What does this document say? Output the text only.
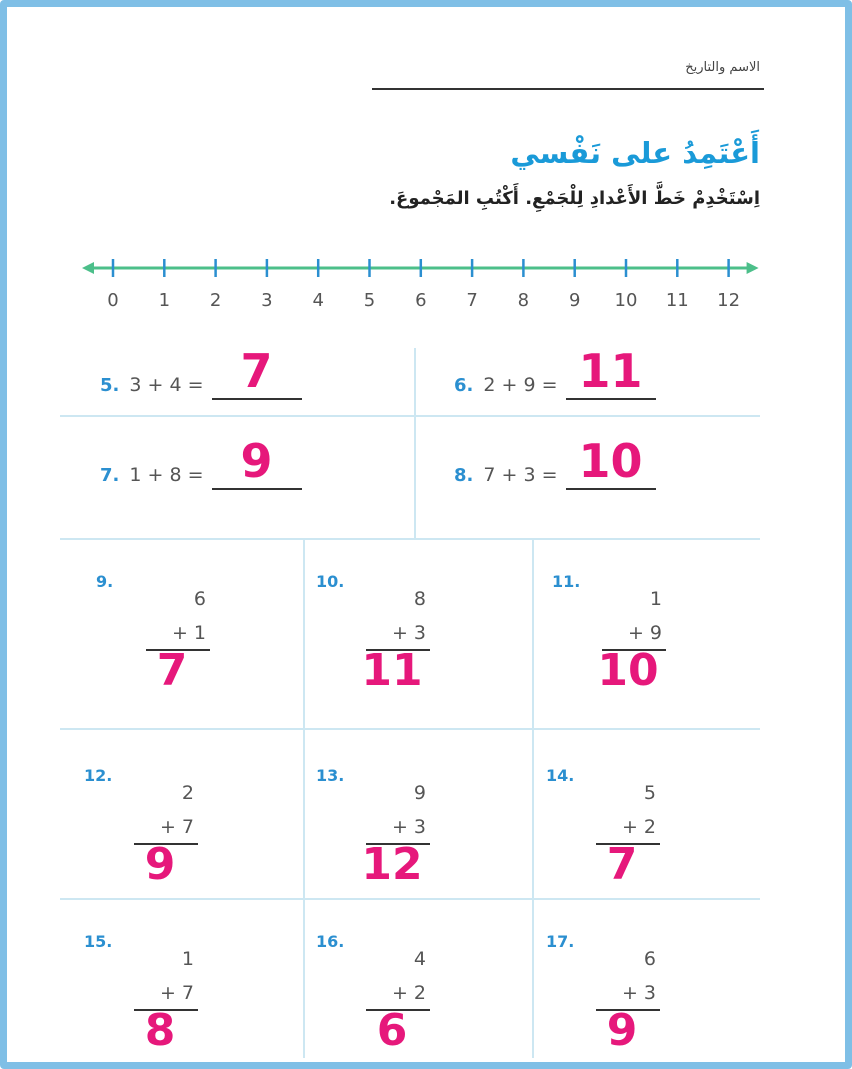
الاسم والتاريخ
أَعْتَمِدُ على نَفْسي
اِسْتَخْدِمْ خَطَّ الأَعْدادِ لِلْجَمْعِ. أَكْتُبِ المَجْموعَ.
0 1 2 3 4 5 6 7 8 9 10 11 12
5. 3 + 4 = 7	6. 2 + 9 = 11
7. 1 + 8 = 9	8. 7 + 3 = 10
9.
6
+ 1
7
10.
8
+ 3
11
11.
1
+ 9
10
12.
2
+ 7
9
13.
9
+ 3
12
14.
5
+ 2
7
15.
1
+ 7
8
16.
4
+ 2
6
17.
6
+ 3
9
